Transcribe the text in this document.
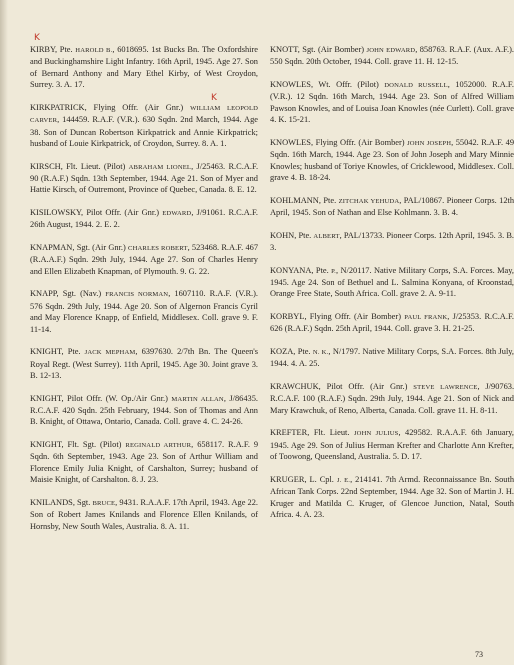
KIRBY, Pte. HAROLD B., 6018695. 1st Bucks Bn. The Oxfordshire and Buckinghamshire Light Infantry. 16th April, 1945. Age 27. Son of Bernard Anthony and Mary Ethel Kirby, of West Croydon, Surrey. 3. A. 17.

KIRKPATRICK, Flying Offr. (Air Gnr.) WILLIAM LEOPOLD CARVER, 144459. R.A.F. (V.R.). 630 Sqdn. 2nd March, 1944. Age 38. Son of Duncan Robertson Kirkpatrick and Annie Kirkpatrick; husband of Louie Kirkpatrick, of Croydon, Surrey. 8. A. 1.

KIRSCH, Flt. Lieut. (Pilot) ABRAHAM LIONEL, J/25463. R.C.A.F. 90 (R.A.F.) Sqdn. 13th September, 1944. Age 21. Son of Myer and Hattie Kirsch, of Outremont, Province of Quebec, Canada. 8. E. 12.

KISILOWSKY, Pilot Offr. (Air Gnr.) EDWARD, J/91061. R.C.A.F. 26th August, 1944. 2. E. 2.

KNAPMAN, Sgt. (Air Gnr.) CHARLES ROBERT, 523468. R.A.F. 467 (R.A.A.F.) Sqdn. 29th July, 1944. Age 27. Son of Charles Henry and Ellen Elizabeth Knapman, of Plymouth. 9. G. 22.

KNAPP, Sgt. (Nav.) FRANCIS NORMAN, 1607110. R.A.F. (V.R.). 576 Sqdn. 29th July, 1944. Age 20. Son of Algernon Francis Cyril and May Florence Knapp, of Enfield, Middlesex. Coll. grave 9. F. 11-14.

KNIGHT, Pte. JACK MEPHAM, 6397630. 2/7th Bn. The Queen's Royal Regt. (West Surrey). 11th April, 1945. Age 30. Joint grave 3. B. 12-13.

KNIGHT, Pilot Offr. (W. Op./Air Gnr.) MARTIN ALLAN, J/86435. R.C.A.F. 420 Sqdn. 25th February, 1944. Son of Thomas and Ann B. Knight, of Ottawa, Ontario, Canada. Coll. grave 4. C. 24-26.

KNIGHT, Flt. Sgt. (Pilot) REGINALD ARTHUR, 658117. R.A.F. 9 Sqdn. 6th September, 1943. Age 23. Son of Arthur William and Florence Emily Julia Knight, of Carshalton, Surrey; husband of Maisie Knight, of Carshalton. 8. J. 23.

KNILANDS, Sgt. BRUCE, 9431. R.A.A.F. 17th April, 1943. Age 22. Son of Robert James Knilands and Florence Ellen Knilands, of Hornsby, New South Wales, Australia. 8. A. 11.

KNOTT, Sgt. (Air Bomber) JOHN EDWARD, 858763. R.A.F. (Aux. A.F.). 550 Sqdn. 20th October, 1944. Coll. grave 11. H. 12-15.

KNOWLES, Wt. Offr. (Pilot) DONALD RUSSELL, 1052000. R.A.F. (V.R.). 12 Sqdn. 16th March, 1944. Age 23. Son of Alfred William Pawson Knowles, and of Louisa Joan Knowles (née Curlett). Coll. grave 4. K. 15-21.

KNOWLES, Flying Offr. (Air Bomber) JOHN JOSEPH, 55042. R.A.F. 49 Sqdn. 16th March, 1944. Age 23. Son of John Joseph and Mary Minnie Knowles; husband of Toriye Knowles, of Cricklewood, Middlesex. Coll. grave 4. B. 18-24.

KOHLMANN, Pte. ZITCHAK YEHUDA, PAL/10867. Pioneer Corps. 12th April, 1945. Son of Nathan and Else Kohlmann. 3. B. 4.

KOHN, Pte. ALBERT, PAL/13733. Pioneer Corps. 12th April, 1945. 3. B. 3.

KONYANA, Pte. P., N/20117. Native Military Corps, S.A. Forces. May, 1945. Age 24. Son of Bethuel and L. Salmina Konyana, of Kroonstad, Orange Free State, South Africa. Coll. grave 2. A. 9-11.

KORBYL, Flying Offr. (Air Bomber) PAUL FRANK, J/25353. R.C.A.F. 626 (R.A.F.) Sqdn. 25th April, 1944. Coll. grave 3. H. 21-25.

KOZA, Pte. N. K., N/1797. Native Military Corps, S.A. Forces. 8th July, 1944. 4. A. 25.

KRAWCHUK, Pilot Offr. (Air Gnr.) STEVE LAWRENCE, J/90763. R.C.A.F. 100 (R.A.F.) Sqdn. 29th July, 1944. Age 21. Son of Nick and Mary Krawchuk, of Reno, Alberta, Canada. Coll. grave 11. H. 8-11.

KREFTER, Flt. Lieut. JOHN JULIUS, 429582. R.A.A.F. 6th January, 1945. Age 29. Son of Julius Herman Krefter and Charlotte Ann Krefter, of Toowong, Queensland, Australia. 5. D. 17.

KRUGER, L. Cpl. J. E., 214141. 7th Armd. Reconnaissance Bn. South African Tank Corps. 22nd September, 1944. Age 32. Son of Martin J. H. Kruger and Matilda C. Kruger, of Glencoe Junction, Natal, South Africa. 4. A. 23.

K
K
73
